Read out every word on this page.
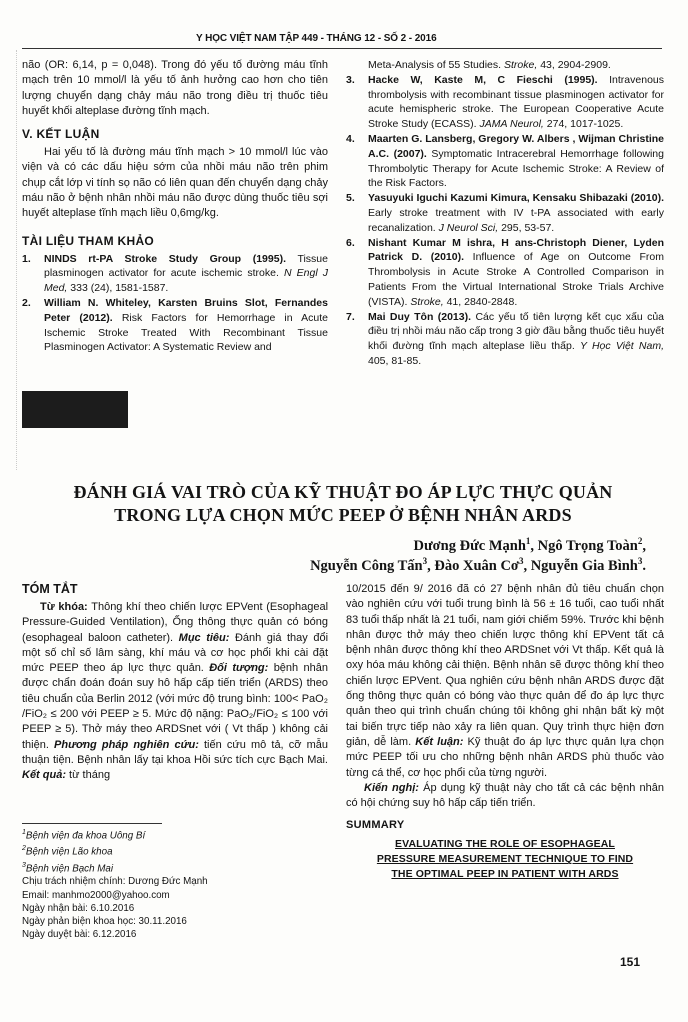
Y HỌC VIỆT NAM TẬP 449 - THÁNG 12 - SỐ 2 - 2016

não (OR: 6,14, p = 0,048). Trong đó yếu tố đường máu tĩnh mạch trên 10 mmol/l là yếu tố ảnh hưởng cao hơn cho tiên lượng chuyển dạng chảy máu não trong điều trị thuốc tiêu huyết khối alteplase đường tĩnh mạch.

V. KẾT LUẬN

Hai yếu tố là đường máu tĩnh mạch > 10 mmol/l lúc vào viện và có các dấu hiệu sớm của nhồi máu não trên phim chụp cắt lớp vi tính sọ não có liên quan đến chuyển dạng chảy máu não ở bệnh nhân nhồi máu não được dùng thuốc tiêu sợi huyết alteplase tĩnh mạch liều 0,6mg/kg.

TÀI LIỆU THAM KHẢO

1.	NINDS rt-PA Stroke Study Group (1995). Tissue plasminogen activator for acute ischemic stroke. N Engl J Med, 333 (24), 1581-1587.
2.	William N. Whiteley, Karsten Bruins Slot, Fernandes Peter (2012). Risk Factors for Hemorrhage in Acute Ischemic Stroke Treated With Recombinant Tissue Plasminogen Activator: A Systematic Review and
Meta-Analysis of 55 Studies. Stroke, 43, 2904-2909.
3.	Hacke W, Kaste M, C Fieschi (1995). Intravenous thrombolysis with recombinant tissue plasminogen activator for acute hemispheric stroke. The European Cooperative Acute Stroke Study (ECASS). JAMA Neurol, 274, 1017-1025.
4.	Maarten G. Lansberg, Gregory W. Albers , Wijman Christine A.C. (2007). Symptomatic Intracerebral Hemorrhage following Thrombolytic Therapy for Acute Ischemic Stroke: A Review of the Risk Factors.
5.	Yasuyuki Iguchi Kazumi Kimura, Kensaku Shibazaki (2010). Early stroke treatment with IV t-PA associated with early recanalization. J Neurol Sci, 295, 53-57.
6.	Nishant Kumar M ishra, H ans-Christoph Diener, Lyden Patrick D. (2010). Influence of Age on Outcome From Thrombolysis in Acute Stroke A Controlled Comparison in Patients From the Virtual International Stroke Trials Archive (VISTA). Stroke, 41, 2840-2848.
7.	Mai Duy Tôn (2013). Các yếu tố tiên lượng kết cục xấu của điều trị nhồi máu não cấp trong 3 giờ đầu bằng thuốc tiêu huyết khối đường tĩnh mạch alteplase liều thấp. Y Học Việt Nam, 405, 81-85.
ĐÁNH GIÁ VAI TRÒ CỦA KỸ THUẬT ĐO ÁP LỰC THỰC QUẢN
TRONG LỰA CHỌN MỨC PEEP Ở BỆNH NHÂN ARDS
Dương Đức Mạnh$^1$, Ngô Trọng Toàn$^2$,
Nguyễn Công Tấn$^3$, Đào Xuân $Cơ^3$, Nguyễn Gia Bình$^3$.

TÓM TẮT

Từ khóa: Thông khí theo chiến lược EPVent (Esophageal Pressure-Guided Ventilation), Ống thông thực quản có bóng (esophageal baloon catheter). Mục tiêu: Đánh giá thay đổi một số chỉ số lâm sàng, khí máu và cơ học phổi khi cài đặt mức PEEP theo áp lực thực quản. Đối tượng: bệnh nhân được chẩn đoán đoán suy hô hấp cấp tiến triển (ARDS) theo tiêu chuẩn của Berlin 2012 (với mức độ trung bình: 100< PaO₂ /FiO₂ ≤ 200 với PEEP ≥ 5. Mức độ nặng: PaO₂/FiO₂ ≤ 100 với PEEP ≥ 5). Thở máy theo ARDSnet với ( Vt thấp ) không cải thiện. Phương pháp nghiên cứu: tiến cứu mô tả, cỡ mẫu thuận tiện. Bệnh nhân lấy tại khoa Hồi sức tích cực Bạch Mai. Kết quả: từ tháng

10/2015 đến 9/ 2016 đã có 27 bệnh nhân đủ tiêu chuẩn chọn vào nghiên cứu với tuổi trung bình là 56 ± 16 tuổi, cao tuổi nhất 83 tuổi thấp nhất là 21 tuổi, nam giới chiếm 59%. Trước khi bệnh nhân được thở máy theo chiến lược thông khí EPVent tất cả bệnh nhân được thông khí theo ARDSnet với Vt thấp. Kết quả là oxy hóa máu không cải thiện. Bệnh nhân sẽ được thông khí theo chiến lược EPVent. Qua nghiên cứu bệnh nhân ARDS được đặt ống thông thực quản có bóng vào thực quản để đo áp lực thực quản theo qui trình chuẩn chúng tôi không ghi nhận bất kỳ một tai biến trực tiếp nào xảy ra liên quan. Quy trình thực hiện đơn giản, dễ làm. Kết luận: Kỹ thuật đo áp lực thực quản lựa chọn mức PEEP tối ưu cho những bệnh nhân ARDS phù thuốc vào từng cá thể, cơ học phổi của từng người.

Kiến nghị: Áp dụng kỹ thuật này cho tất cả các bệnh nhân có hội chứng suy hô hấp cấp tiến triển.

SUMMARY

EVALUATING THE ROLE OF ESOPHAGEAL

PRESSURE MEASUREMENT TECHNIQUE TO FIND

THE OPTIMAL PEEP IN PATIENT WITH ARDS

$^1$Bệnh viện đa khoa Uông Bí

$^2$Bệnh viện Lão khoa

$^3$Bệnh viện Bạch Mai

Chịu trách nhiệm chính: Dương Đức Mạnh

Email: manhmo2000@yahoo.com

Ngày nhận bài: 6.10.2016

Ngày phản biện khoa học: 30.11.2016

Ngày duyệt bài: 6.12.2016

151
